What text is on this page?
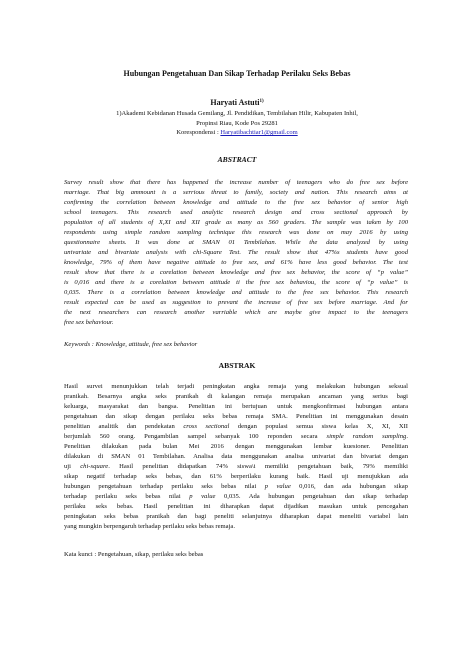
Hubungan Pengetahuan Dan Sikap Terhadap Perilaku Seks Bebas
Haryati Astuti$^{1)}$
1)Akademi Kebidanan Husada Gemilang, Jl. Pendidikan, Tembilahan Hilir, Kabupaten Inhil,
Propinsi Riau, Kode Pos 29281
Korespondensi : Haryatibachtiar1@gmail.com
ABSTRACT
Survey result show that there has happened the increase number of teenagers who do free sex before
marriage. That big ammount is a serrious threat to family, society and nation. This research aims at
confirming the correlation between knowledge and attitude to the free sex behavior of senior high
school teenagers. This research used analytic research design and cross sectional approach by
population of all students of X,XI and XII grade as many as 560 graders. The sample was taken by 100
respondents using simple random sampling technique this research was done on may 2016 by using
questionnaire sheets. It was done at SMAN 01 Tembilahan. While the data analyzed by using
univariate and bivariate analysis with chi-Square Test. The result show that 47%s students have good
knowledge, 79% of them have negative attitude to free sex, and 61% have less good behavior. The test
result show that there is a corelation between knowledge and free sex behavior, the score of “p value”
is 0,016 and there is a corelation between attitude ti the free sex behaviou, the score of “p value” is
0,035. There is a correlation between knowledge and attitude to the free sex behavior. This research
result expected can be used as suggestion to prevant the increase of free sex before marriage. And for
the next researchers can research another varriable which are maybe give impact to the teenagers
free sex behaviour.
Keywords : Knowledge, attitude, free sex behavior
ABSTRAK
Hasil survei menunjukkan telah terjadi peningkatan angka remaja yang melakukan hubungan seksual
pranikah. Besarnya angka seks pranikah di kalangan remaja merupakan ancaman yang serius bagi
keluarga, masyarakat dan bangsa. Penelitian ini bertujuan untuk mengkonfirmasi hubungan antara
pengetahuan dan sikap dengan perilaku seks bebas remaja SMA. Penelitian ini menggunakan desain
penelitian analitik dan pendekatan cross sectional dengan populasi semua siswa kelas X, XI, XII
berjumlah 560 orang. Pengambilan sampel sebanyak 100 reponden secara simple random sampling.
Penelitian dilakukan pada bulan Mei 2016 dengan menggunakan lembar kuesioner. Penelitian
dilakukan di SMAN 01 Tembilahan. Analisa data menggunakan analisa univariat dan bivariat dengan
uji chi-square. Hasil penelitian didapatkan 74% siswa\i memiliki pengetahuan baik, 79% memiliki
sikap negatif terhadap seks bebas, dan 61% berperilaku kurang baik. Hasil uji menujukkan ada
hubungan pengetahuan terhadap perilaku seks bebas nilai p value 0,016, dan ada hubungan sikap
terhadap perilaku seks bebas nilai p value 0,035. Ada hubungan pengetahuan dan sikap terhadap
perilaku seks bebas. Hasil penelitian ini diharapkan dapat dijadikan masukan untuk pencegahan
peningkatan seks bebas pranikah dan bagi peneliti selanjutnya diharapkan dapat meneliti variabel lain
yang mungkin berpengaruh terhadap perilaku seks bebas remaja.
Kata kunci : Pengetahuan, sikap, perilaku seks bebas
